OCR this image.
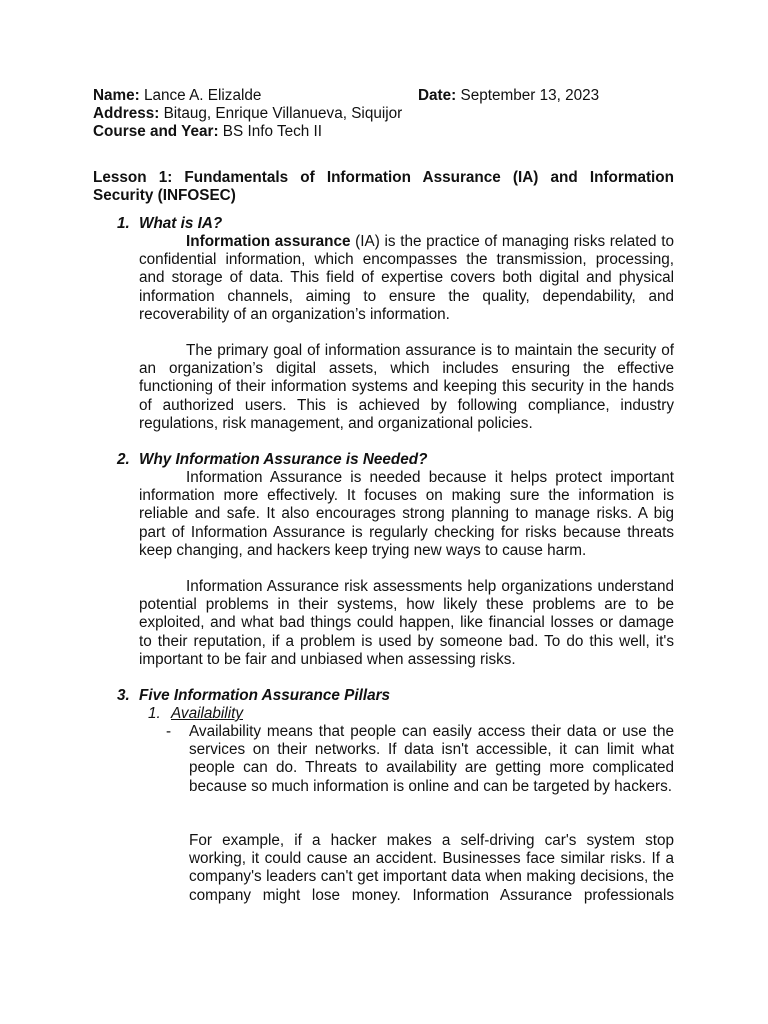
Name: Lance A. Elizalde	Date: September 13, 2023
Address: Bitaug, Enrique Villanueva, Siquijor
Course and Year: BS Info Tech II
Lesson 1: Fundamentals of Information Assurance (IA) and Information
Security (INFOSEC)
1. What is IA?

Information assurance (IA) is the practice of managing risks related to confidential information, which encompasses the transmission, processing, and storage of data. This field of expertise covers both digital and physical information channels, aiming to ensure the quality, dependability, and recoverability of an organization’s information.

The primary goal of information assurance is to maintain the security of an organization’s digital assets, which includes ensuring the effective functioning of their information systems and keeping this security in the hands of authorized users. This is achieved by following compliance, industry regulations, risk management, and organizational policies.

2. Why Information Assurance is Needed?

Information Assurance is needed because it helps protect important information more effectively. It focuses on making sure the information is reliable and safe. It also encourages strong planning to manage risks. A big part of Information Assurance is regularly checking for risks because threats keep changing, and hackers keep trying new ways to cause harm.

Information Assurance risk assessments help organizations understand potential problems in their systems, how likely these problems are to be exploited, and what bad things could happen, like financial losses or damage to their reputation, if a problem is used by someone bad. To do this well, it's important to be fair and unbiased when assessing risks.

3. Five Information Assurance Pillars
1. Availability
- Availability means that people can easily access their data or use the services on their networks. If data isn't accessible, it can limit what people can do. Threats to availability are getting more complicated because so much information is online and can be targeted by hackers.

For example, if a hacker makes a self-driving car's system stop working, it could cause an accident. Businesses face similar risks. If a company's leaders can't get important data when making decisions, the company might lose money. Information Assurance professionals
